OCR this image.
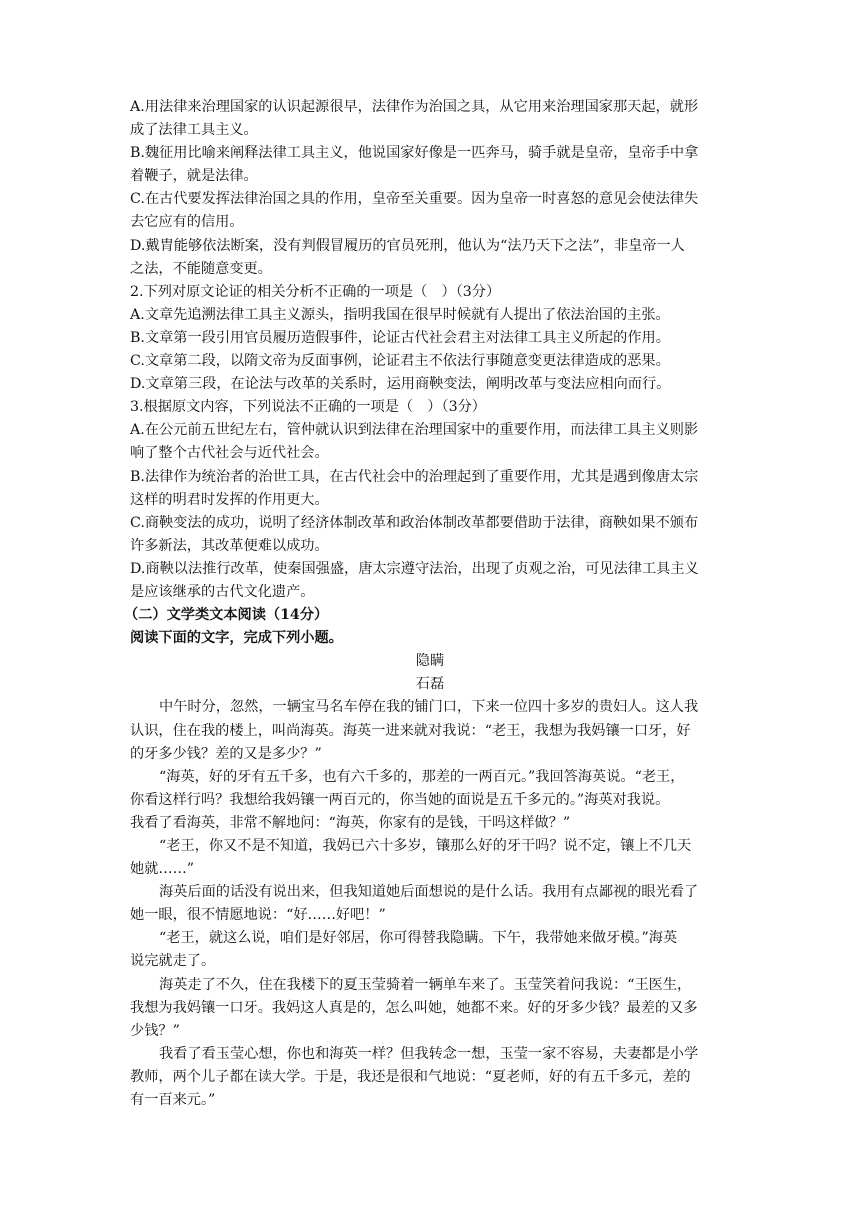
A.用法律来治理国家的认识起源很早，法律作为治国之具，从它用来治理国家那天起，就形

成了法律工具主义。

B.魏征用比喻来阐释法律工具主义，他说国家好像是一匹奔马，骑手就是皇帝，皇帝手中拿

着鞭子，就是法律。

C.在古代要发挥法律治国之具的作用，皇帝至关重要。因为皇帝一时喜怒的意见会使法律失

去它应有的信用。

D.戴胄能够依法断案，没有判假冒履历的官员死刑，他认为“法乃天下之法”，非皇帝一人

之法，不能随意变更。

2.下列对原文论证的相关分析不正确的一项是（　）（3分）

A.文章先追溯法律工具主义源头，指明我国在很早时候就有人提出了依法治国的主张。

B.文章第一段引用官员履历造假事件，论证古代社会君主对法律工具主义所起的作用。

C.文章第二段，以隋文帝为反面事例，论证君主不依法行事随意变更法律造成的恶果。

D.文章第三段，在论法与改革的关系时，运用商鞅变法，阐明改革与变法应相向而行。

3.根据原文内容，下列说法不正确的一项是（　）（3分）

A.在公元前五世纪左右，管仲就认识到法律在治理国家中的重要作用，而法律工具主义则影

响了整个古代社会与近代社会。

B.法律作为统治者的治世工具，在古代社会中的治理起到了重要作用，尤其是遇到像唐太宗

这样的明君时发挥的作用更大。

C.商鞅变法的成功，说明了经济体制改革和政治体制改革都要借助于法律，商鞅如果不颁布

许多新法，其改革便难以成功。

D.商鞅以法推行改革，使秦国强盛，唐太宗遵守法治，出现了贞观之治，可见法律工具主义

是应该继承的古代文化遗产。

（二）文学类文本阅读（14分）

阅读下面的文字，完成下列小题。

隐瞒

石磊

中午时分，忽然，一辆宝马名车停在我的铺门口，下来一位四十多岁的贵妇人。这人我

认识，住在我的楼上，叫尚海英。海英一进来就对我说：“老王，我想为我妈镶一口牙，好

的牙多少钱？差的又是多少？”

“海英，好的牙有五千多，也有六千多的，那差的一两百元。”我回答海英说。“老王，

你看这样行吗？我想给我妈镶一两百元的，你当她的面说是五千多元的。”海英对我说。

我看了看海英，非常不解地问：“海英，你家有的是钱，干吗这样做？”

“老王，你又不是不知道，我妈已六十多岁，镶那么好的牙干吗？说不定，镶上不几天

她就……”

海英后面的话没有说出来，但我知道她后面想说的是什么话。我用有点鄙视的眼光看了

她一眼，很不情愿地说：“好……好吧！”

“老王，就这么说，咱们是好邻居，你可得替我隐瞒。下午，我带她来做牙模。”海英

说完就走了。

海英走了不久，住在我楼下的夏玉莹骑着一辆单车来了。玉莹笑着问我说：“王医生，

我想为我妈镶一口牙。我妈这人真是的，怎么叫她，她都不来。好的牙多少钱？最差的又多

少钱？”

我看了看玉莹心想，你也和海英一样？但我转念一想，玉莹一家不容易，夫妻都是小学

教师，两个儿子都在读大学。于是，我还是很和气地说：“夏老师，好的有五千多元，差的

有一百来元。”
